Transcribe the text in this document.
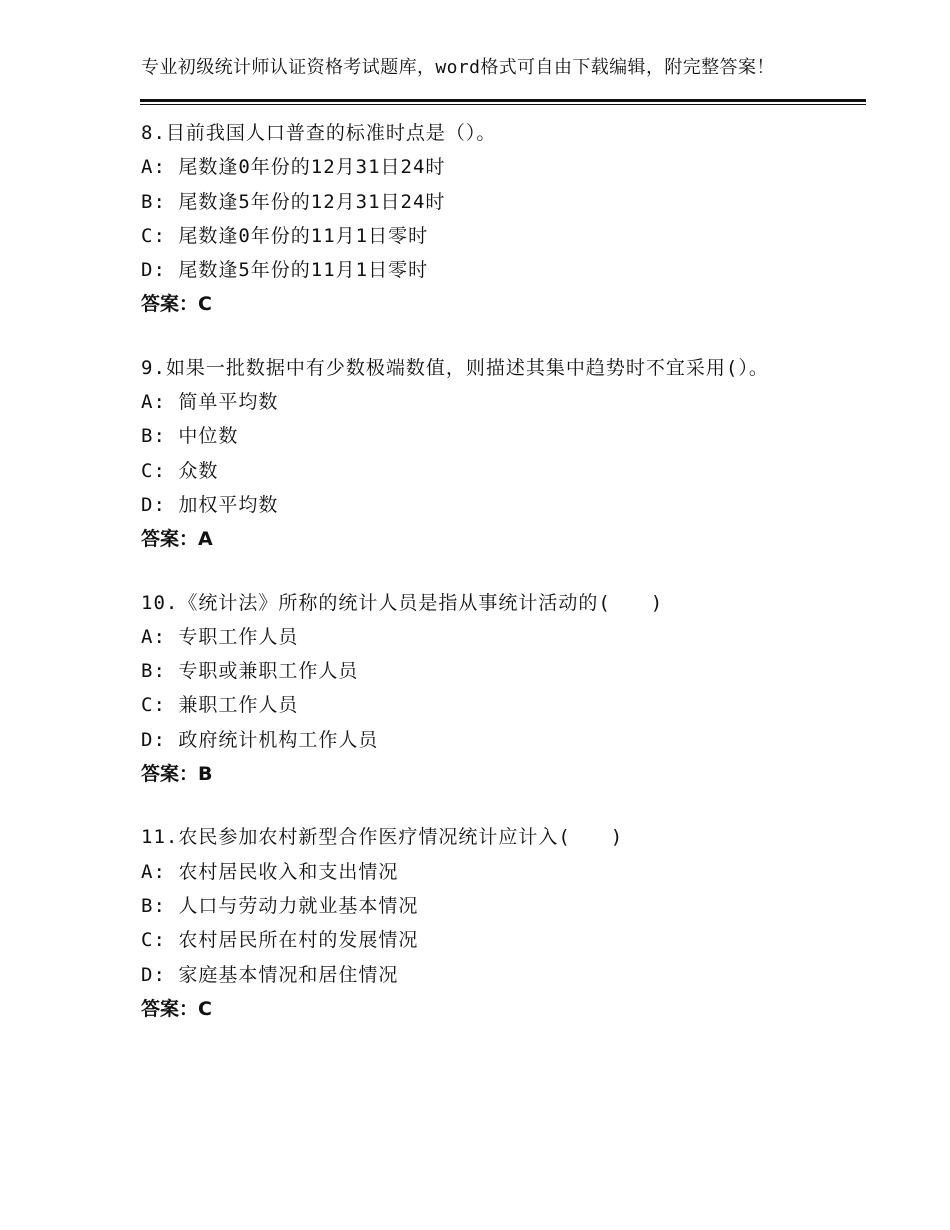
专业初级统计师认证资格考试题库，word格式可自由下载编辑，附完整答案！
8.目前我国人口普查的标准时点是（）。
A: 尾数逢0年份的12月31日24时
B: 尾数逢5年份的12月31日24时
C: 尾数逢0年份的11月1日零时
D: 尾数逢5年份的11月1日零时
答案：C
9.如果一批数据中有少数极端数值，则描述其集中趋势时不宜采用(）。
A: 简单平均数
B: 中位数
C: 众数
D: 加权平均数
答案：A
10.《统计法》所称的统计人员是指从事统计活动的(　　)
A: 专职工作人员
B: 专职或兼职工作人员
C: 兼职工作人员
D: 政府统计机构工作人员
答案：B
11.农民参加农村新型合作医疗情况统计应计入(　　)
A: 农村居民收入和支出情况
B: 人口与劳动力就业基本情况
C: 农村居民所在村的发展情况
D: 家庭基本情况和居住情况
答案：C
